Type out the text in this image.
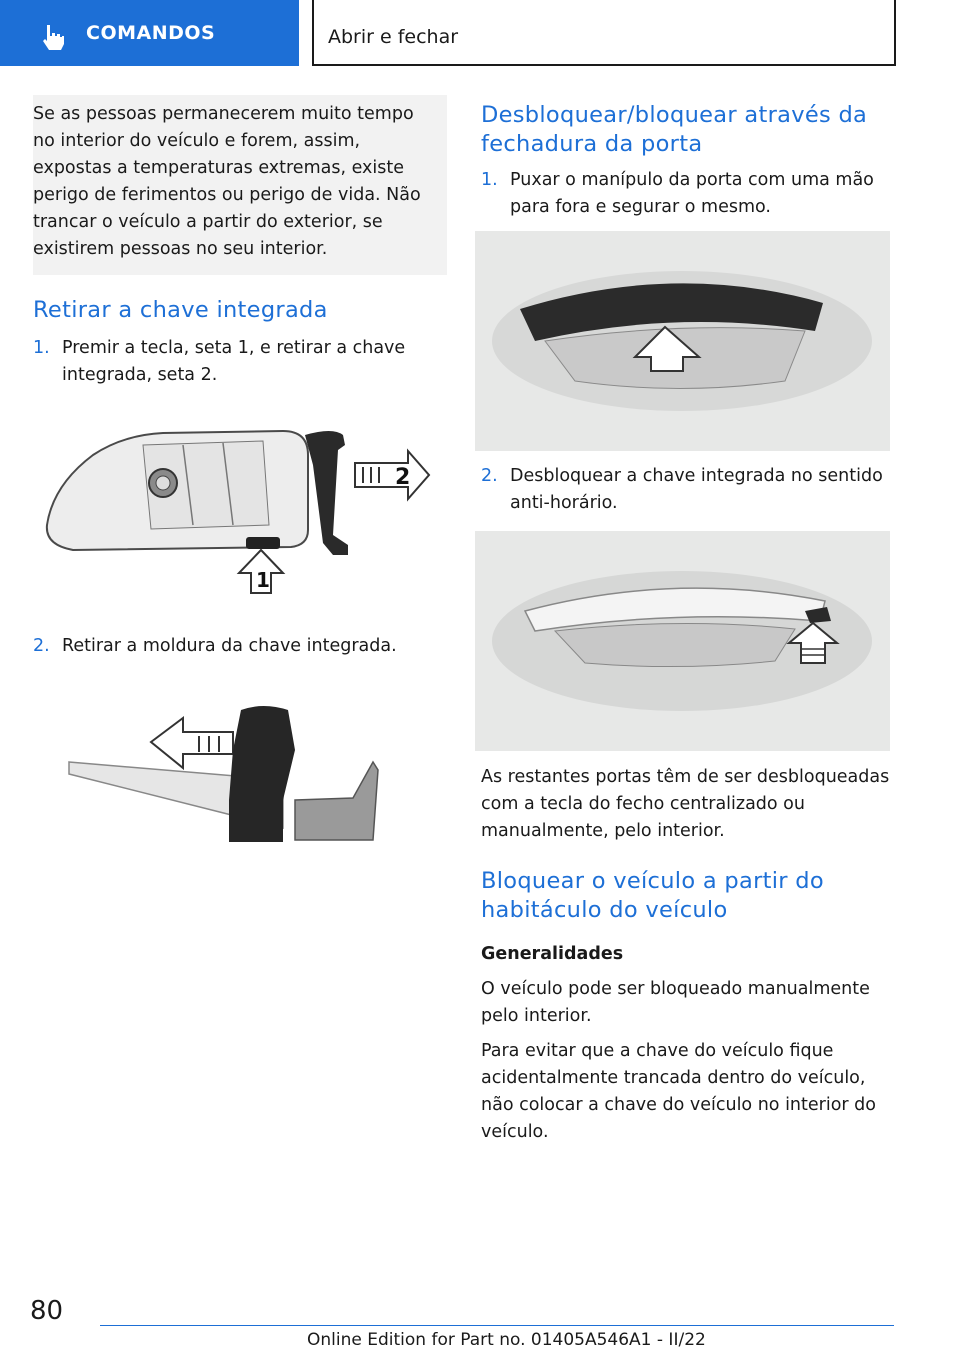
COMANDOS	Abrir e fechar

Se as pessoas permanecerem muito tempo no interior do veículo e forem, assim, expostas a temperaturas extremas, existe perigo de ferimentos ou perigo de vida. Não trancar o veículo a partir do exterior, se existirem pessoas no seu interior.

Retirar a chave integrada
1. Premir a tecla, seta 1, e retirar a chave integrada, seta 2.
2
1
2. Retirar a moldura da chave integrada.
Desbloquear/bloquear através da fechadura da porta
1. Puxar o manípulo da porta com uma mão para fora e segurar o mesmo.
2. Desbloquear a chave integrada no sentido anti-horário.

As restantes portas têm de ser desbloqueadas com a tecla do fecho centralizado ou manualmente, pelo interior.

Bloquear o veículo a partir do habitáculo do veículo
Generalidades

O veículo pode ser bloqueado manualmente pelo interior.

Para evitar que a chave do veículo fique acidentalmente trancada dentro do veículo, não colocar a chave do veículo no interior do veículo.

80
Online Edition for Part no. 01405A546A1 - II/22
